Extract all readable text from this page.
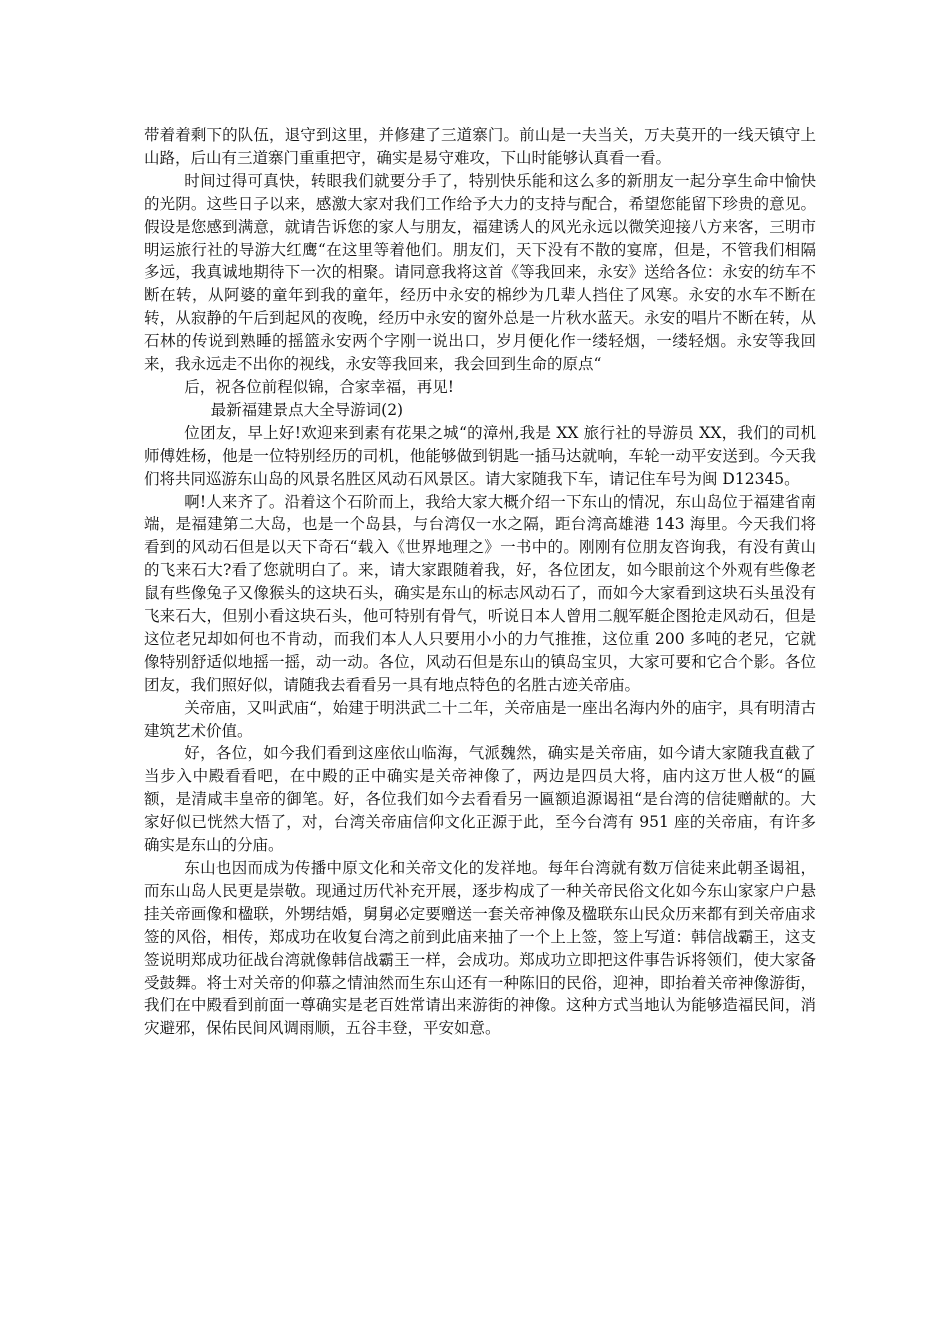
带着着剩下的队伍，退守到这里，并修建了三道寨门。前山是一夫当关，万夫莫开的一线天镇守上山路，后山有三道寨门重重把守，确实是易守难攻，下山时能够认真看一看。

时间过得可真快，转眼我们就要分手了，特别快乐能和这么多的新朋友一起分享生命中愉快的光阴。这些日子以来，感激大家对我们工作给予大力的支持与配合，希望您能留下珍贵的意见。假设是您感到满意，就请告诉您的家人与朋友，福建诱人的风光永远以微笑迎接八方来客，三明市明运旅行社的导游大红鹰“在这里等着他们。朋友们，天下没有不散的宴席，但是，不管我们相隔多远，我真诚地期待下一次的相聚。请同意我将这首《等我回来，永安》送给各位：永安的纺车不断在转，从阿婆的童年到我的童年，经历中永安的棉纱为几辈人挡住了风寒。永安的水车不断在转，从寂静的午后到起风的夜晚，经历中永安的窗外总是一片秋水蓝天。永安的唱片不断在转，从石林的传说到熟睡的摇篮永安两个字刚一说出口，岁月便化作一缕轻烟，一缕轻烟。永安等我回来，我永远走不出你的视线，永安等我回来，我会回到生命的原点“

后，祝各位前程似锦，合家幸福，再见!

最新福建景点大全导游词(2)

位团友，早上好!欢迎来到素有花果之城“的漳州,我是 XX 旅行社的导游员 XX，我们的司机师傅姓杨，他是一位特别经历的司机，他能够做到钥匙一插马达就响，车轮一动平安送到。今天我们将共同巡游东山岛的风景名胜区风动石风景区。请大家随我下车，请记住车号为闽 D12345。

啊!人来齐了。沿着这个石阶而上，我给大家大概介绍一下东山的情况，东山岛位于福建省南端，是福建第二大岛，也是一个岛县，与台湾仅一水之隔，距台湾高雄港 143 海里。今天我们将看到的风动石但是以天下奇石“载入《世界地理之》一书中的。刚刚有位朋友咨询我，有没有黄山的飞来石大?看了您就明白了。来，请大家跟随着我，好，各位团友，如今眼前这个外观有些像老鼠有些像兔子又像猴头的这块石头，确实是东山的标志风动石了，而如今大家看到这块石头虽没有飞来石大，但别小看这块石头，他可特别有骨气，听说日本人曾用二舰军艇企图抢走风动石，但是这位老兄却如何也不肯动，而我们本人人只要用小小的力气推推，这位重 200 多吨的老兄，它就像特别舒适似地摇一摇，动一动。各位，风动石但是东山的镇岛宝贝，大家可要和它合个影。各位团友，我们照好似，请随我去看看另一具有地点特色的名胜古迹关帝庙。

关帝庙，又叫武庙“，始建于明洪武二十二年，关帝庙是一座出名海内外的庙宇，具有明清古建筑艺术价值。

好，各位，如今我们看到这座依山临海，气派魏然，确实是关帝庙，如今请大家随我直截了当步入中殿看看吧，在中殿的正中确实是关帝神像了，两边是四员大将，庙内这万世人极“的匾额，是清咸丰皇帝的御笔。好，各位我们如今去看看另一匾额追源谒祖“是台湾的信徒赠献的。大家好似已恍然大悟了，对，台湾关帝庙信仰文化正源于此，至今台湾有 951 座的关帝庙，有许多确实是东山的分庙。

东山也因而成为传播中原文化和关帝文化的发祥地。每年台湾就有数万信徒来此朝圣谒祖，而东山岛人民更是崇敬。现通过历代补充开展，逐步构成了一种关帝民俗文化如今东山家家户户悬挂关帝画像和楹联，外甥结婚，舅舅必定要赠送一套关帝神像及楹联东山民众历来都有到关帝庙求签的风俗，相传，郑成功在收复台湾之前到此庙来抽了一个上上签，签上写道：韩信战霸王，这支签说明郑成功征战台湾就像韩信战霸王一样，会成功。郑成功立即把这件事告诉将领们，使大家备受鼓舞。将士对关帝的仰慕之情油然而生东山还有一种陈旧的民俗，迎神，即抬着关帝神像游街，我们在中殿看到前面一尊确实是老百姓常请出来游街的神像。这种方式当地认为能够造福民间，消灾避邪，保佑民间风调雨顺，五谷丰登，平安如意。
